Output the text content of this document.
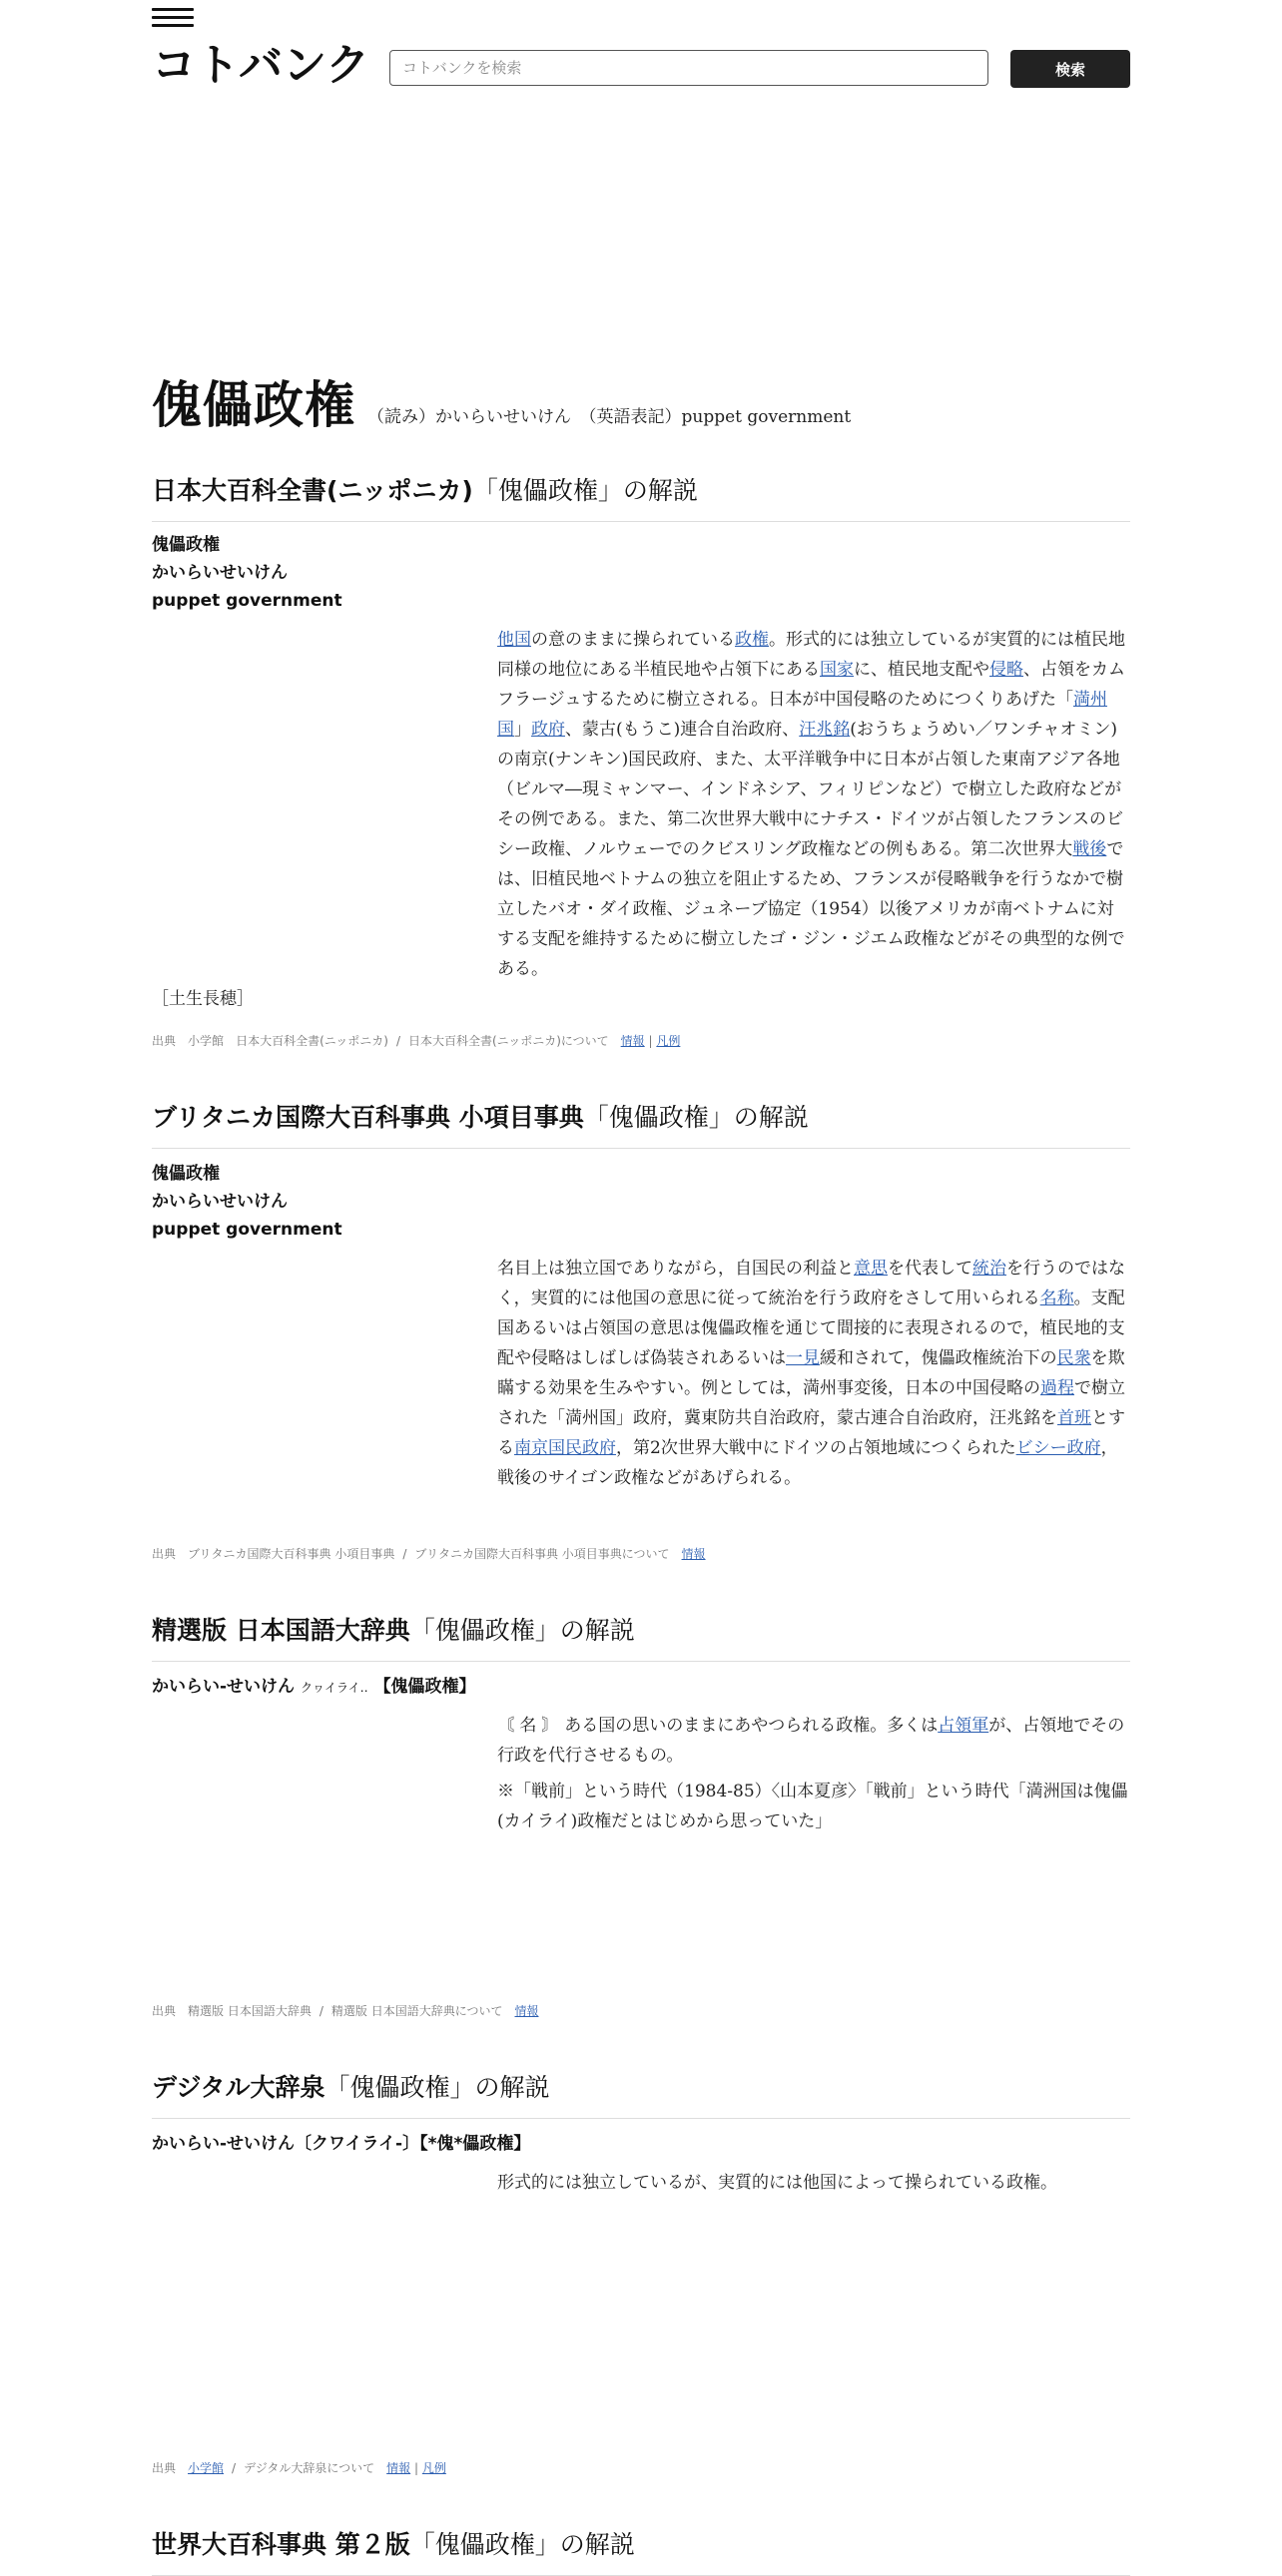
コトバンク
コトバンクを検索	検索
傀儡政権 （読み）かいらいせいけん　（英語表記）puppet government
日本大百科全書(ニッポニカ)「傀儡政権」の解説
傀儡政権
かいらいせいけん
puppet government
他国の意のままに操られている政権。形式的には独立しているが実質的には植民地同様の地位にある半植民地や占領下にある国家に、植民地支配や侵略、占領をカムフラージュするために樹立される。日本が中国侵略のためにつくりあげた「満州国」政府、蒙古(もうこ)連合自治政府、汪兆銘(おうちょうめい／ワンチャオミン)の南京(ナンキン)国民政府、また、太平洋戦争中に日本が占領した東南アジア各地（ビルマ―現ミャンマー、インドネシア、フィリピンなど）で樹立した政府などがその例である。また、第二次世界大戦中にナチス・ドイツが占領したフランスのビシー政権、ノルウェーでのクビスリング政権などの例もある。第二次世界大戦後では、旧植民地ベトナムの独立を阻止するため、フランスが侵略戦争を行うなかで樹立したバオ・ダイ政権、ジュネーブ協定（1954）以後アメリカが南ベトナムに対する支配を維持するために樹立したゴ・ジン・ジエム政権などがその典型的な例である。
［土生長穂］
出典　 小学館　 日本大百科全書(ニッポニカ) / 日本大百科全書(ニッポニカ)について　 情報 | 凡例
ブリタニカ国際大百科事典 小項目事典「傀儡政権」の解説
傀儡政権
かいらいせいけん
puppet government
名目上は独立国でありながら，自国民の利益と意思を代表して統治を行うのではなく，実質的には他国の意思に従って統治を行う政府をさして用いられる名称。支配国あるいは占領国の意思は傀儡政権を通じて間接的に表現されるので，植民地的支配や侵略はしばしば偽装されあるいは一見緩和されて，傀儡政権統治下の民衆を欺瞞する効果を生みやすい。例としては，満州事変後，日本の中国侵略の過程で樹立された「満州国」政府，冀東防共自治政府，蒙古連合自治政府，汪兆銘を首班とする南京国民政府，第2次世界大戦中にドイツの占領地域につくられたビシー政府，戦後のサイゴン政権などがあげられる。
出典　 ブリタニカ国際大百科事典 小項目事典 / ブリタニカ国際大百科事典 小項目事典について　 情報
精選版 日本国語大辞典「傀儡政権」の解説
かいらい‐せいけん クヮイライ‥ 【傀儡政権】
〘 名 〙 ある国の思いのままにあやつられる政権。多くは占領軍が、占領地でその行政を代行させるもの。
※「戦前」という時代（1984‐85）〈山本夏彦〉「戦前」という時代「満洲国は傀儡(カイライ)政権だとはじめから思っていた」
出典　 精選版 日本国語大辞典 / 精選版 日本国語大辞典について　 情報
デジタル大辞泉「傀儡政権」の解説
かいらい‐せいけん〔クワイライ‐〕【*傀*儡政権】
形式的には独立しているが、実質的には他国によって操られている政権。
出典　 小学館 / デジタル大辞泉について　 情報 | 凡例
世界大百科事典 第２版「傀儡政権」の解説
